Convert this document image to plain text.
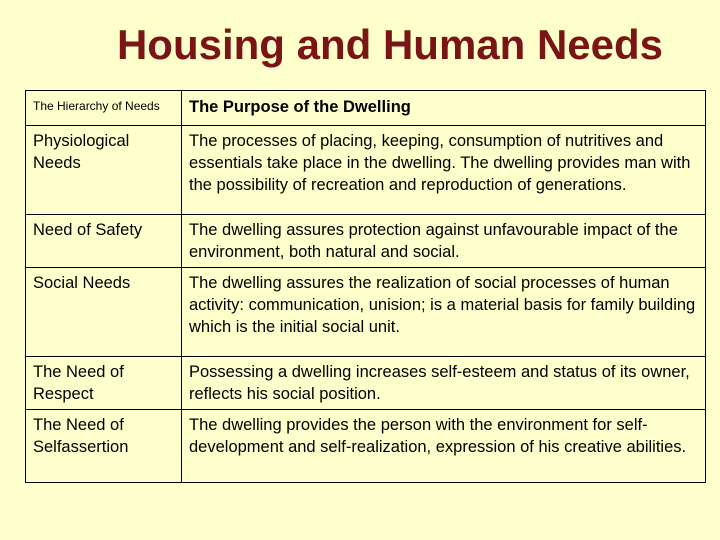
Housing and Human Needs
The Hierarchy of Needs	The Purpose of the Dwelling

Physiological
Needs	The processes of placing, keeping, consumption of nutritives and essentials take place in the dwelling. The dwelling provides man with the possibility of recreation and reproduction of generations.

Need of Safety	The dwelling assures protection against unfavourable impact of the environment, both natural and social.

Social Needs	The dwelling assures the realization of social processes of human activity: communication, unision; is a material basis for family building which is the initial social unit.

The Need of
Respect	Possessing a dwelling increases self-esteem and status of its owner, reflects his social position.

The Need of
Selfassertion	The dwelling provides the person with the environment for self-development and self-realization, expression of his creative abilities.
